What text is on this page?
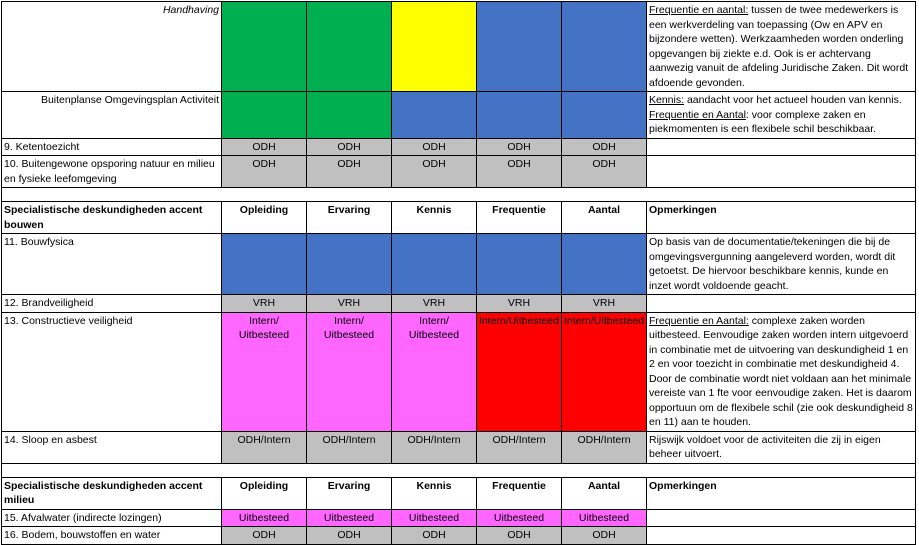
Handhaving						Frequentie en aantal: tussen de twee medewerkers is een werkverdeling van toepassing (Ow en APV en bijzondere wetten). Werkzaamheden worden onderling opgevangen bij ziekte e.d. Ook is er achtervang aanwezig vanuit de afdeling Juridische Zaken. Dit wordt afdoende gevonden.
Buitenplanse Omgevingsplan Activiteit						Kennis: aandacht voor het actueel houden van kennis.
Frequentie en Aantal: voor complexe zaken en piekmomenten is een flexibele schil beschikbaar.
9. Ketentoezicht	ODH	ODH	ODH	ODH	ODH	
10. Buitengewone opsporing natuur en milieu en fysieke leefomgeving	ODH	ODH	ODH	ODH	ODH	

Specialistische deskundigheden accent bouwen	Opleiding	Ervaring	Kennis	Frequentie	Aantal	Opmerkingen
11. Bouwfysica						Op basis van de documentatie/tekeningen die bij de omgevingsvergunning aangeleverd worden, wordt dit getoetst. De hiervoor beschikbare kennis, kunde en inzet wordt voldoende geacht.
12. Brandveiligheid	VRH	VRH	VRH	VRH	VRH	
13. Constructieve veiligheid	Intern/ Uitbesteed	Intern/ Uitbesteed	Intern/ Uitbesteed	Intern/Uitbesteed	Intern/Uitbesteed	Frequentie en Aantal: complexe zaken worden uitbesteed. Eenvoudige zaken worden intern uitgevoerd in combinatie met de uitvoering van deskundigheid 1 en 2 en voor toezicht in combinatie met deskundigheid 4. Door de combinatie wordt niet voldaan aan het minimale vereiste van 1 fte voor eenvoudige zaken. Het is daarom opportuun om de flexibele schil (zie ook deskundigheid 8 en 11) aan te houden.
14. Sloop en asbest	ODH/Intern	ODH/Intern	ODH/Intern	ODH/Intern	ODH/Intern	Rijswijk voldoet voor de activiteiten die zij in eigen beheer uitvoert.

Specialistische deskundigheden accent milieu	Opleiding	Ervaring	Kennis	Frequentie	Aantal	Opmerkingen
15. Afvalwater (indirecte lozingen)	Uitbesteed	Uitbesteed	Uitbesteed	Uitbesteed	Uitbesteed	
16. Bodem, bouwstoffen en water	ODH	ODH	ODH	ODH	ODH	
